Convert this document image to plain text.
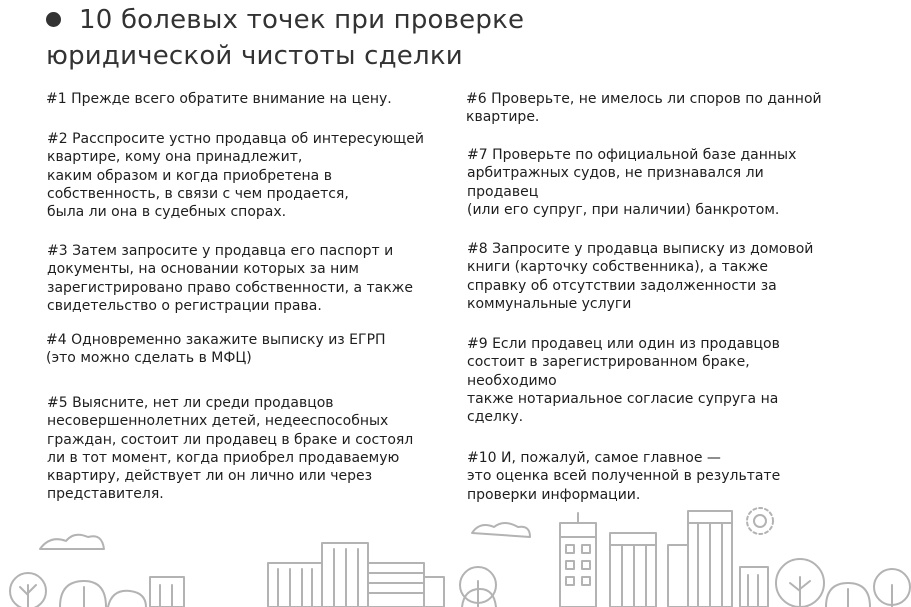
10 болевых точек при проверке
юридической чистоты сделки
#1 Прежде всего обратите внимание на цену.
#2 Расспросите устно продавца об интересующей
квартире, кому она принадлежит,
каким образом и когда приобретена в
собственность, в связи с чем продается,
была ли она в судебных спорах.
#3 Затем запросите у продавца его паспорт и
документы, на основании которых за ним
зарегистрировано право собственности, а также
свидетельство о регистрации права.
#4 Одновременно закажите выписку из ЕГРП
(это можно сделать в МФЦ)
#5 Выясните, нет ли среди продавцов
несовершеннолетних детей, недееспособных
граждан, состоит ли продавец в браке и состоял
ли в тот момент, когда приобрел продаваемую
квартиру, действует ли он лично или через
представителя.
#6 Проверьте, не имелось ли споров по данной
квартире.
#7 Проверьте по официальной базе данных
арбитражных судов, не признавался ли
продавец
(или его супруг, при наличии) банкротом.
#8 Запросите у продавца выписку из домовой
книги (карточку собственника), а также
справку об отсутствии задолженности за
коммунальные услуги
#9 Если продавец или один из продавцов
состоит в зарегистрированном браке,
необходимо
также нотариальное согласие супруга на
сделку.
#10 И, пожалуй, самое главное —
это оценка всей полученной в результате
проверки информации.
